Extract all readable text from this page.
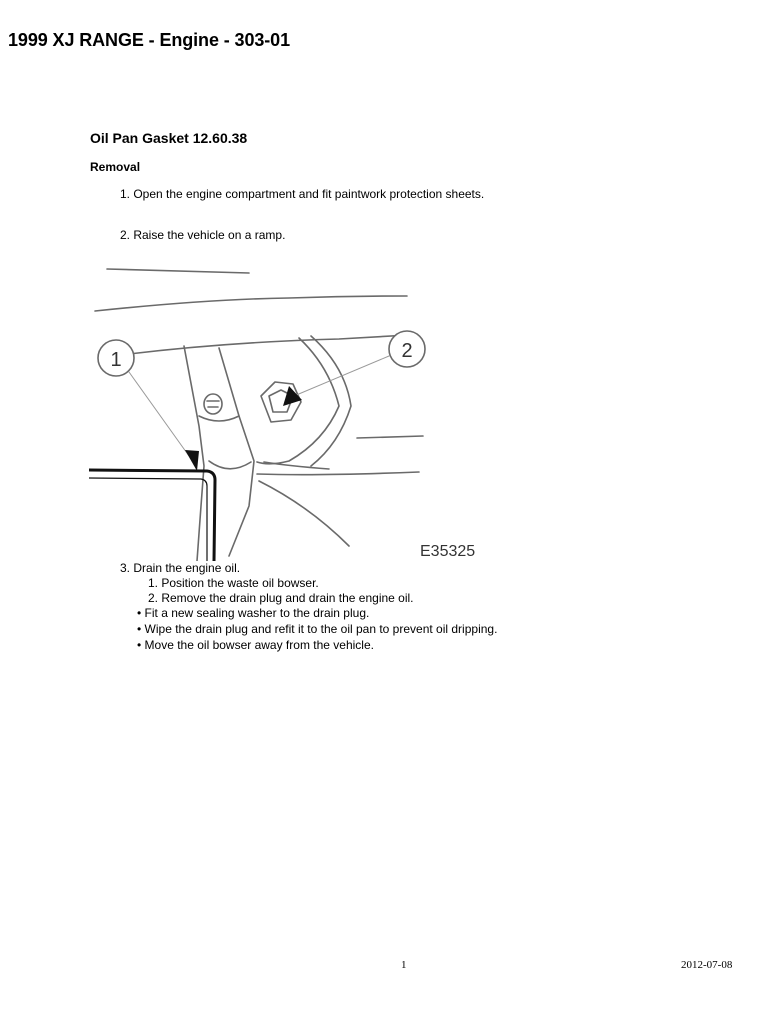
1999 XJ RANGE - Engine - 303-01
Oil Pan Gasket 12.60.38
Removal
1. Open the engine compartment and fit paintwork protection sheets.
2. Raise the vehicle on a ramp.
1	2
E35325
3. Drain the engine oil.
1. Position the waste oil bowser.
2. Remove the drain plug and drain the engine oil.
• Fit a new sealing washer to the drain plug.
• Wipe the drain plug and refit it to the oil pan to prevent oil dripping.
• Move the oil bowser away from the vehicle.
1	2012-07-08
